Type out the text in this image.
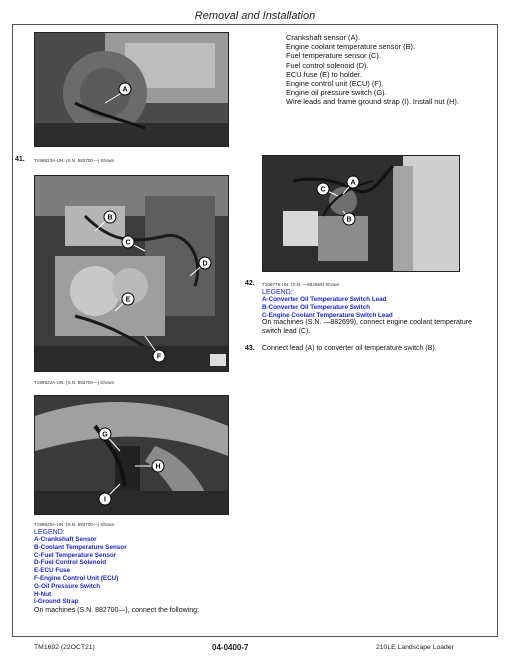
Removal and Installation
A
Crankshaft sensor (A).
Engine coolant temperature sensor (B).
Fuel temperature sensor (C).
Fuel control solenoid (D).
ECU fuse (E) to holder.
Engine control unit (ECU) (F).
Engine oil pressure switch (G).
Wire leads and frame ground strap (I). Install nut (H).
41. T199923A-UN: (S.N. 882700—) Shown
B
C
D
E
F
T199922A-UN: (S.N. 882700—) Shown
G
H
I
T199925A-UN: (S.N. 882700—) Shown
LEGEND:
A-Crankshaft Sensor
B-Coolant Temperature Sensor
C-Fuel Temperature Sensor
D-Fuel Control Solenoid
E-ECU Fuse
F-Engine Control Unit (ECU)
G-Oil Pressure Switch
H-Nut
I-Ground Strap
On machines (S.N. 882700—), connect the following:
C
A
B
42. T109775-UN: (S.N. —882699) Shown
LEGEND:
A-Converter Oil Temperature Switch Lead
B-Converter Oil Temperature Switch
C-Engine Coolant Temperature Switch Lead
On machines (S.N. —882699), connect engine coolant temperature switch lead (C).
43. Connect lead (A) to converter oil temperature switch (B).
TM1692 (22OCT21)	04-0400-7	210LE Landscape Loader
